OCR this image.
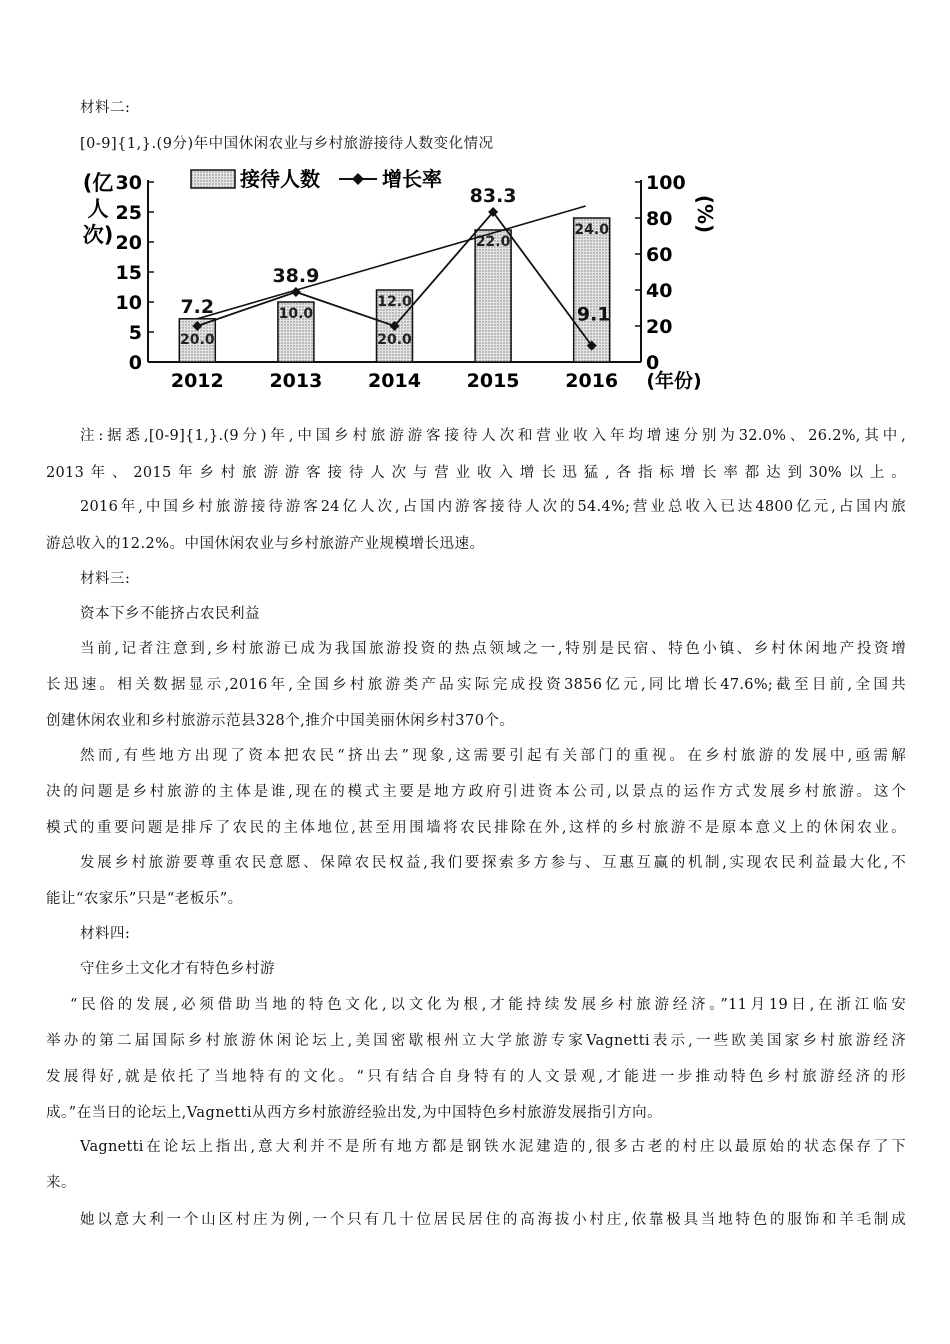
材料二:
[0-9]{1,}.(9分)年中国休闲农业与乡村旅游接待人数变化情况
(亿
人
次)
(%)
0
5
10
15
20
25
30
0
20
40
60
80
100
7.2	10.0
12.0
22.0
24.0
20.0
38.9
20.0
83.3
9.1
2012 2013 2014 2015 2016 (年份)
接待人数	增长率
注:据悉,[0-9]{1,}.(9分)年,中国乡村旅游游客接待人次和营业收入年均增速分别为32.0%、26.2%,其中,
2013年、2015年乡村旅游游客接待人次与营业收入增长迅猛,各指标增长率都达到30%以上。
2016年,中国乡村旅游接待游客24亿人次,占国内游客接待人次的54.4%;营业总收入已达4800亿元,占国内旅
游总收入的12.2%。中国休闲农业与乡村旅游产业规模增长迅速。
材料三:
资本下乡不能挤占农民利益
当前,记者注意到,乡村旅游已成为我国旅游投资的热点领域之一,特别是民宿、特色小镇、乡村休闲地产投资增
长迅速。相关数据显示,2016年,全国乡村旅游类产品实际完成投资3856亿元,同比增长47.6%;截至目前,全国共
创建休闲农业和乡村旅游示范县328个,推介中国美丽休闲乡村370个。
然而,有些地方出现了资本把农民“挤出去”现象,这需要引起有关部门的重视。在乡村旅游的发展中,亟需解
决的问题是乡村旅游的主体是谁,现在的模式主要是地方政府引进资本公司,以景点的运作方式发展乡村旅游。这个
模式的重要问题是排斥了农民的主体地位,甚至用围墙将农民排除在外,这样的乡村旅游不是原本意义上的休闲农业。
发展乡村旅游要尊重农民意愿、保障农民权益,我们要探索多方参与、互惠互赢的机制,实现农民利益最大化,不
能让“农家乐”只是“老板乐”。
材料四:
守住乡土文化才有特色乡村游
“民俗的发展,必须借助当地的特色文化,以文化为根,才能持续发展乡村旅游经济。”11月19日,在浙江临安
举办的第二届国际乡村旅游休闲论坛上,美国密歇根州立大学旅游专家Vagnetti表示,一些欧美国家乡村旅游经济
发展得好,就是依托了当地特有的文化。“只有结合自身特有的人文景观,才能进一步推动特色乡村旅游经济的形
成。”在当日的论坛上,Vagnetti从西方乡村旅游经验出发,为中国特色乡村旅游发展指引方向。
Vagnetti在论坛上指出,意大利并不是所有地方都是钢铁水泥建造的,很多古老的村庄以最原始的状态保存了下
来。
她以意大利一个山区村庄为例,一个只有几十位居民居住的高海拔小村庄,依靠极具当地特色的服饰和羊毛制成
